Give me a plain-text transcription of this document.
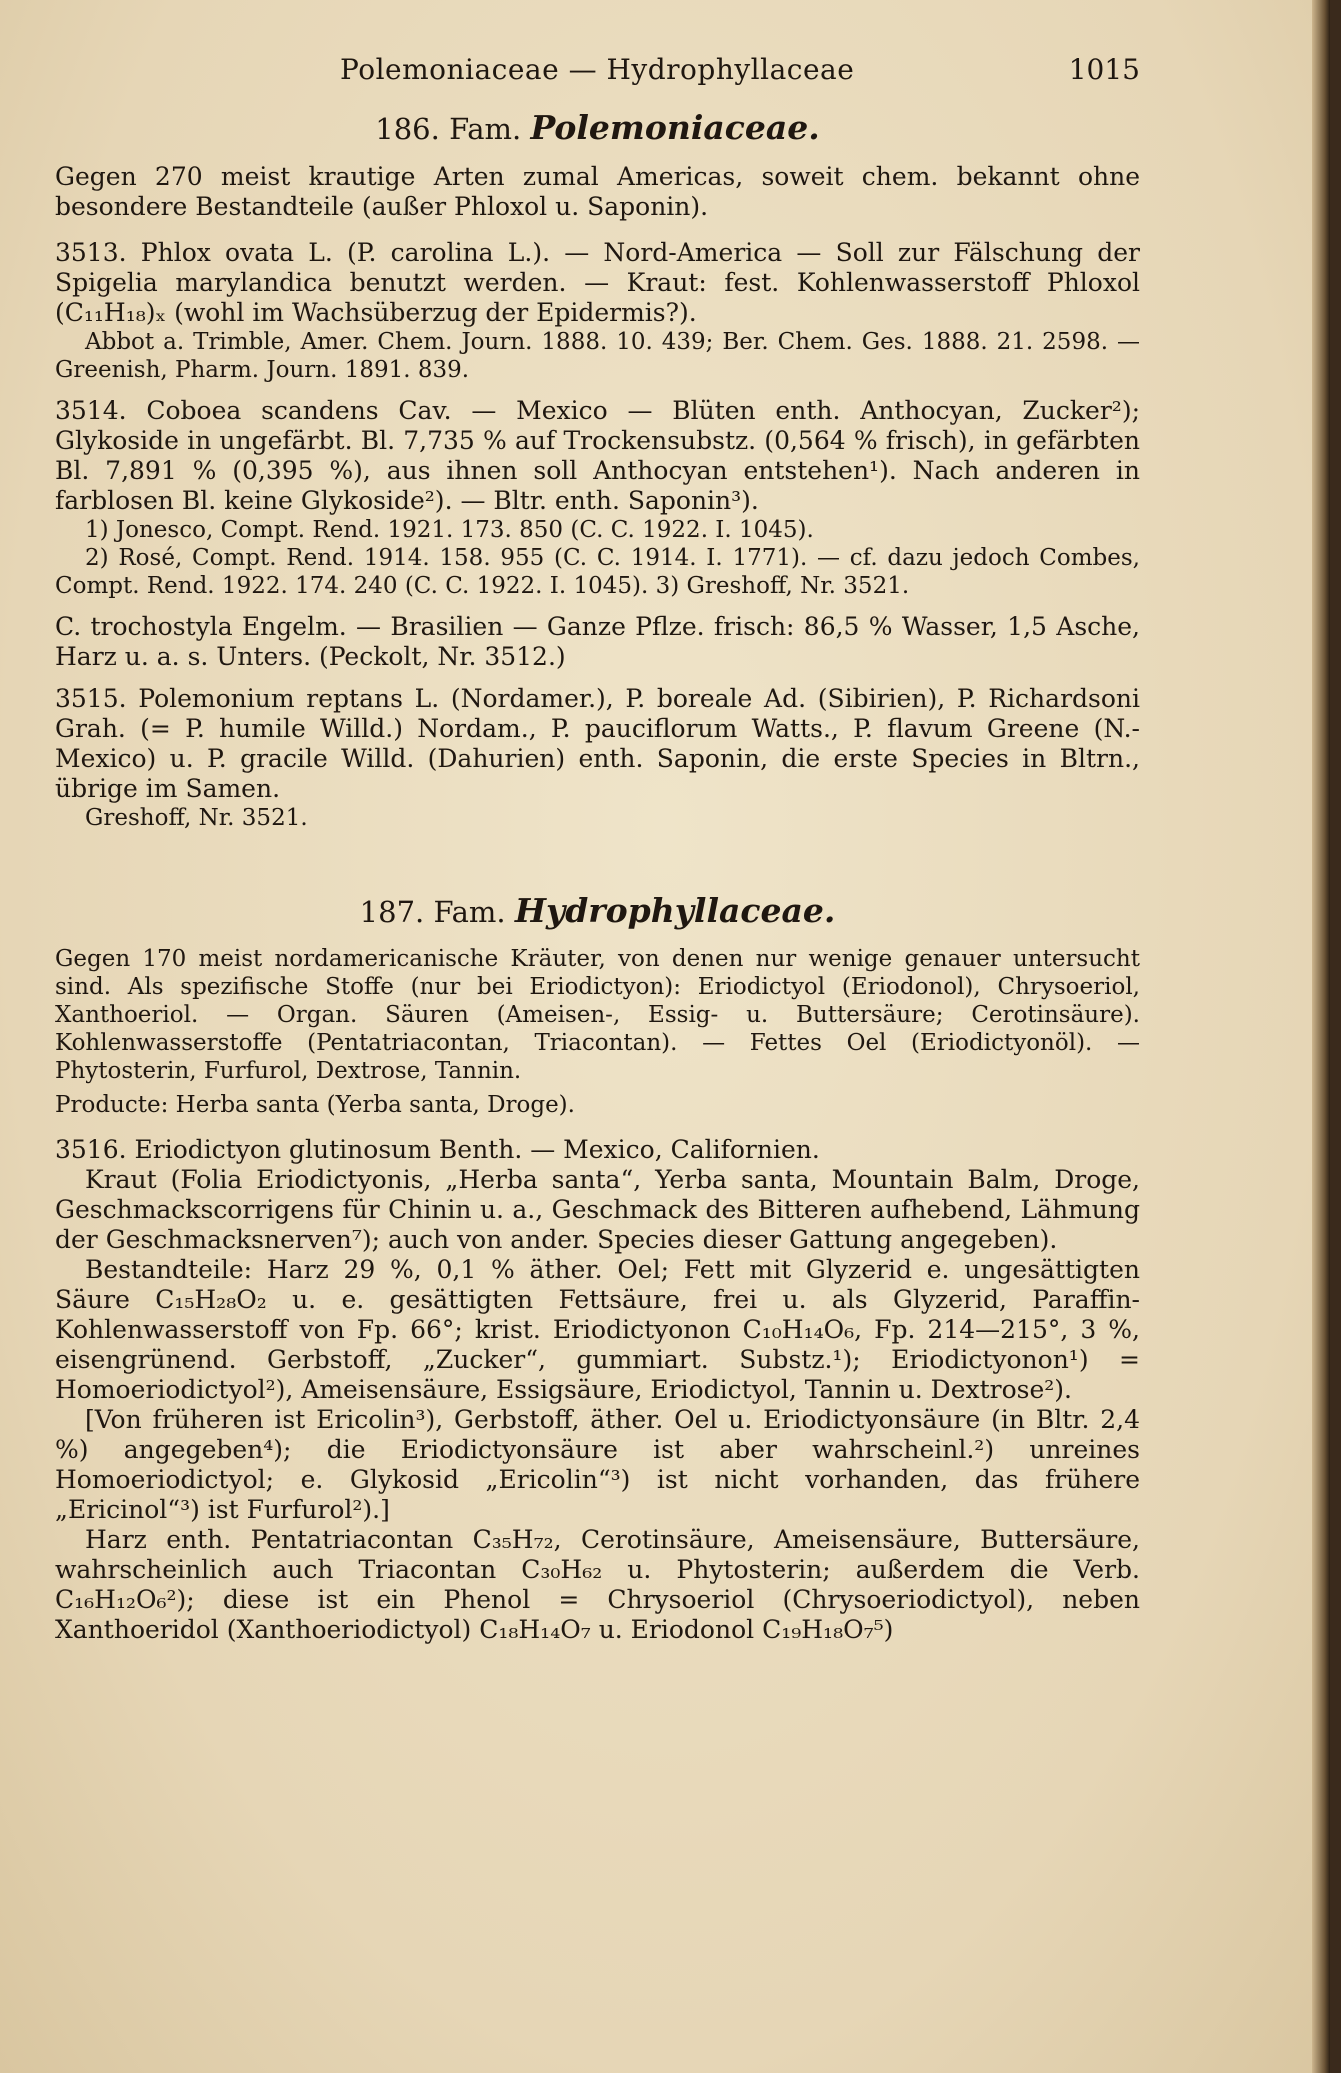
Polemoniaceae — Hydrophyllaceae	1015
186. Fam. Polemoniaceae.

Gegen 270 meist krautige Arten zumal Americas, soweit chem. bekannt ohne besondere Bestandteile (außer Phloxol u. Saponin).

3513. Phlox ovata L. (P. carolina L.). — Nord-America — Soll zur Fälschung der Spigelia marylandica benutzt werden. — Kraut: fest. Kohlenwasserstoff Phloxol (C₁₁H₁₈)ₓ (wohl im Wachsüberzug der Epidermis?).

Abbot a. Trimble, Amer. Chem. Journ. 1888. 10. 439; Ber. Chem. Ges. 1888. 21. 2598. — Greenish, Pharm. Journ. 1891. 839.

3514. Coboea scandens Cav. — Mexico — Blüten enth. Anthocyan, Zucker²); Glykoside in ungefärbt. Bl. 7,735 % auf Trockensubstz. (0,564 % frisch), in gefärbten Bl. 7,891 % (0,395 %), aus ihnen soll Anthocyan entstehen¹). Nach anderen in farblosen Bl. keine Glykoside²). — Bltr. enth. Saponin³).

1) Jonesco, Compt. Rend. 1921. 173. 850 (C. C. 1922. I. 1045).

2) Rosé, Compt. Rend. 1914. 158. 955 (C. C. 1914. I. 1771). — cf. dazu jedoch Combes, Compt. Rend. 1922. 174. 240 (C. C. 1922. I. 1045). 3) Greshoff, Nr. 3521.

C. trochostyla Engelm. — Brasilien — Ganze Pflze. frisch: 86,5 % Wasser, 1,5 Asche, Harz u. a. s. Unters. (Peckolt, Nr. 3512.)

3515. Polemonium reptans L. (Nordamer.), P. boreale Ad. (Sibirien), P. Richardsoni Grah. (= P. humile Willd.) Nordam., P. pauciflorum Watts., P. flavum Greene (N.-Mexico) u. P. gracile Willd. (Dahurien) enth. Saponin, die erste Species in Bltrn., übrige im Samen.

Greshoff, Nr. 3521.

187. Fam. Hydrophyllaceae.

Gegen 170 meist nordamericanische Kräuter, von denen nur wenige genauer untersucht sind. Als spezifische Stoffe (nur bei Eriodictyon): Eriodictyol (Eriodonol), Chrysoeriol, Xanthoeriol. — Organ. Säuren (Ameisen-, Essig- u. Buttersäure; Cerotinsäure). Kohlenwasserstoffe (Pentatriacontan, Triacontan). — Fettes Oel (Eriodictyonöl). — Phytosterin, Furfurol, Dextrose, Tannin.

Producte: Herba santa (Yerba santa, Droge).

3516. Eriodictyon glutinosum Benth. — Mexico, Californien.

Kraut (Folia Eriodictyonis, „Herba santa“, Yerba santa, Mountain Balm, Droge, Geschmackscorrigens für Chinin u. a., Geschmack des Bitteren aufhebend, Lähmung der Geschmacksnerven⁷); auch von ander. Species dieser Gattung angegeben).

Bestandteile: Harz 29 %, 0,1 % äther. Oel; Fett mit Glyzerid e. ungesättigten Säure C₁₅H₂₈O₂ u. e. gesättigten Fettsäure, frei u. als Glyzerid, Paraffin-Kohlenwasserstoff von Fp. 66°; krist. Eriodictyonon C₁₀H₁₄O₆, Fp. 214—215°, 3 %, eisengrünend. Gerbstoff, „Zucker“, gummiart. Substz.¹); Eriodictyonon¹) = Homoeriodictyol²), Ameisensäure, Essigsäure, Eriodictyol, Tannin u. Dextrose²).

[Von früheren ist Ericolin³), Gerbstoff, äther. Oel u. Eriodictyonsäure (in Bltr. 2,4 %) angegeben⁴); die Eriodictyonsäure ist aber wahrscheinl.²) unreines Homoeriodictyol; e. Glykosid „Ericolin“³) ist nicht vorhanden, das frühere „Ericinol“³) ist Furfurol²).]

Harz enth. Pentatriacontan C₃₅H₇₂, Cerotinsäure, Ameisensäure, Buttersäure, wahrscheinlich auch Triacontan C₃₀H₆₂ u. Phytosterin; außerdem die Verb. C₁₆H₁₂O₆²); diese ist ein Phenol = Chrysoeriol (Chrysoeriodictyol), neben Xanthoeridol (Xanthoeriodictyol) C₁₈H₁₄O₇ u. Eriodonol C₁₉H₁₈O₇⁵)
